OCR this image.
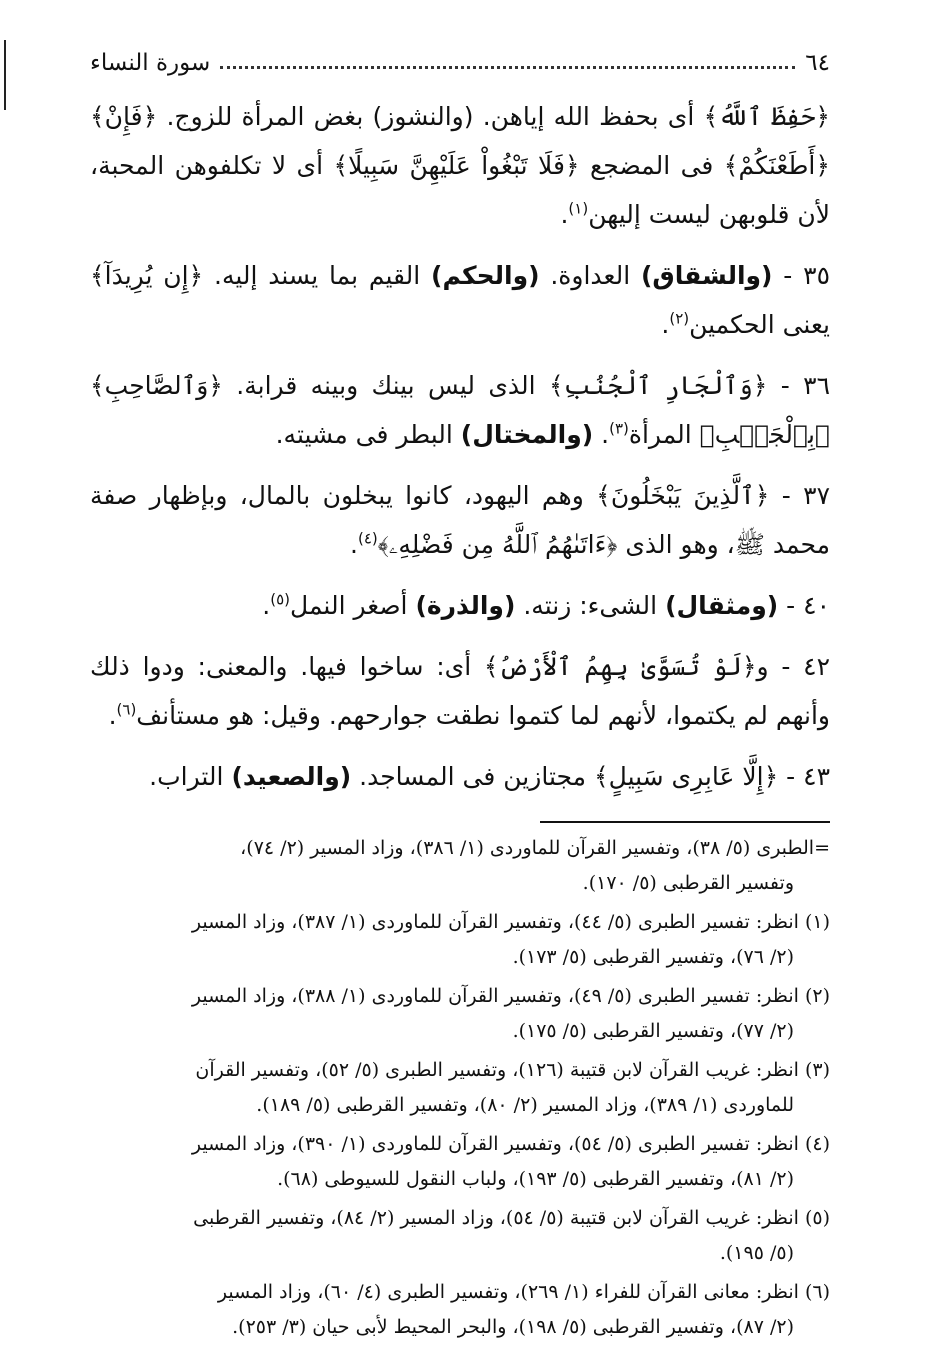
٦٤
سورة النساء
﴿حَفِظَ ٱللَّهُ﴾ أى بحفظ الله إياهن. (والنشوز) بغض المرأة للزوج. ﴿فَإِنْ﴾ ﴿أَطَعْنَكُمْ﴾ فى المضجع ﴿فَلَا تَبْغُواْ عَلَيْهِنَّ سَبِيلًا﴾ أى لا تكلفوهن المحبة، لأن قلوبهن ليست إليهن$^{(١)}$.
٣٥ - (والشقاق) العداوة. (والحكم) القيم بما يسند إليه. ﴿إِن يُرِيدَآ﴾ يعنى الحكمين$^{(٢)}$.
٣٦ - ﴿وَٱلْجَارِ ٱلْجُنُبِ﴾ الذى ليس بينك وبينه قرابة. ﴿وَٱلصَّاحِبِ﴾ ﴿بِٱلْجَنۢبِ﴾ المرأة$^{(٣)}$. (والمختال) البطر فى مشيته.
٣٧ - ﴿ٱلَّذِينَ يَبْخَلُونَ﴾ وهم اليهود، كانوا يبخلون بالمال، وبإظهار صفة محمد ﷺ، وهو الذى ﴿ءَاتَىٰهُمُ ٱللَّهُ مِن فَضْلِهِۦ﴾$^{(٤)}$.
٤٠ - (ومثقال) الشىء: زنته. (والذرة) أصغر النمل$^{(٥)}$.
٤٢ - و﴿لَوْ تُسَوَّىٰ بِهِمُ ٱلْأَرْضُ﴾ أى: ساخوا فيها. والمعنى: ودوا ذلك وأنهم لم يكتموا، لأنهم لما كتموا نطقت جوارحهم. وقيل: هو مستأنف$^{(٦)}$.
٤٣ - ﴿إِلَّا عَابِرِى سَبِيلٍ﴾ مجتازين فى المساجد. (والصعيد) التراب.
=الطبرى (٥/ ٣٨)، وتفسير القرآن للماوردى (١/ ٣٨٦)، وزاد المسير (٢/ ٧٤)،
وتفسير القرطبى (٥/ ١٧٠).
(١) انظر: تفسير الطبرى (٥/ ٤٤)، وتفسير القرآن للماوردى (١/ ٣٨٧)، وزاد المسير
(٢/ ٧٦)، وتفسير القرطبى (٥/ ١٧٣).
(٢) انظر: تفسير الطبرى (٥/ ٤٩)، وتفسير القرآن للماوردى (١/ ٣٨٨)، وزاد المسير
(٢/ ٧٧)، وتفسير القرطبى (٥/ ١٧٥).
(٣) انظر: غريب القرآن لابن قتيبة (١٢٦)، وتفسير الطبرى (٥/ ٥٢)، وتفسير القرآن
للماوردى (١/ ٣٨٩)، وزاد المسير (٢/ ٨٠)، وتفسير القرطبى (٥/ ١٨٩).
(٤) انظر: تفسير الطبرى (٥/ ٥٤)، وتفسير القرآن للماوردى (١/ ٣٩٠)، وزاد المسير
(٢/ ٨١)، وتفسير القرطبى (٥/ ١٩٣)، ولباب النقول للسيوطى (٦٨).
(٥) انظر: غريب القرآن لابن قتيبة (٥/ ٥٤)، وزاد المسير (٢/ ٨٤)، وتفسير القرطبى
(٥/ ١٩٥).
(٦) انظر: معانى القرآن للفراء (١/ ٢٦٩)، وتفسير الطبرى (٤/ ٦٠)، وزاد المسير
(٢/ ٨٧)، وتفسير القرطبى (٥/ ١٩٨)، والبحر المحيط لأبى حيان (٣/ ٢٥٣).
